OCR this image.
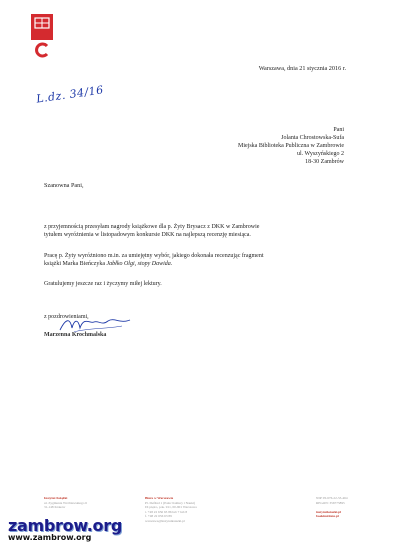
Warszawa, dnia 21 stycznia 2016 r.
L.dz. 34/16
Pani
Jolanta Chrostowska-Sufa
Miejska Biblioteka Publiczna w Zambrowie
ul. Wyszyńskiego 2
18-30 Zambrów
Szanowna Pani,

z przyjemnością przesyłam nagrody książkowe dla p. Żyty Brysacz z DKK w Zambrowie

tytułem wyróżnienia w listopadowym konkursie DKK na najlepszą recenzję miesiąca.

Pracę p. Żyty wyróżniono m.in. za umiejętny wybór, jakiego dokonała recenzując fragment

książki Marka Bieńczyka Jabłko Olgi, stopy Dawida.

Gratulujemy jeszcze raz i życzymy miłej lektury.

z pozdrowieniami,
Marzenna Krochmalska
Instytut Książki
ul. Zygmunta Wróblewskiego 6
31-148 Kraków
Biuro w Warszawie
Pl. Defilad 1 (Pałac Kultury i Nauki)
IX piętro, pok. 911, 00-901 Warszawa
t. +48 22 656 63 86 lub 7 lub 8
f. +48 22 656 63 89
warszawa@instytutksiazki.pl
NIP: PL676-22-53-464
REGON: 356775895

instytutksiazki.pl
bookinstitute.pl
zambrow.org
www.zambrow.org
